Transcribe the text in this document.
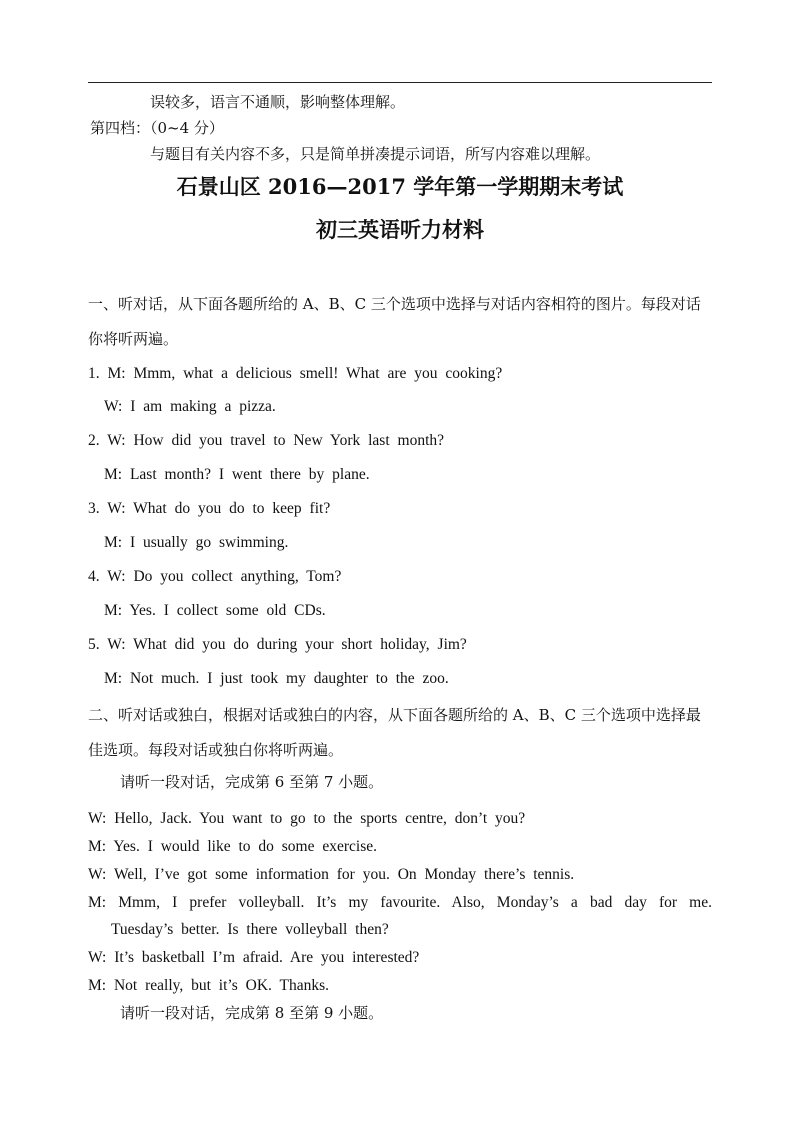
误较多，语言不通顺，影响整体理解。
第四档：（0~4 分）
与题目有关内容不多，只是简单拼凑提示词语，所写内容难以理解。
石景山区 2016—2017 学年第一学期期末考试
初三英语听力材料
一、听对话，从下面各题所给的 A、B、C 三个选项中选择与对话内容相符的图片。每段对话
你将听两遍。
1. M: Mmm, what a delicious smell! What are you cooking?
W: I am making a pizza.
2. W: How did you travel to New York last month?
M: Last month? I went there by plane.
3. W: What do you do to keep fit?
M: I usually go swimming.
4. W: Do you collect anything, Tom?
M: Yes. I collect some old CDs.
5. W: What did you do during your short holiday, Jim?
M: Not much. I just took my daughter to the zoo.
二、听对话或独白，根据对话或独白的内容，从下面各题所给的 A、B、C 三个选项中选择最
佳选项。每段对话或独白你将听两遍。
请听一段对话，完成第 6 至第 7 小题。
W: Hello, Jack. You want to go to the sports centre, don’t you?
M: Yes. I would like to do some exercise.
W: Well, I’ve got some information for you. On Monday there’s tennis.
M: Mmm, I prefer volleyball. It’s my favourite. Also, Monday’s a bad day for me.
Tuesday’s better. Is there volleyball then?
W: It’s basketball I’m afraid. Are you interested?
M: Not really, but it’s OK. Thanks.
请听一段对话，完成第 8 至第 9 小题。
